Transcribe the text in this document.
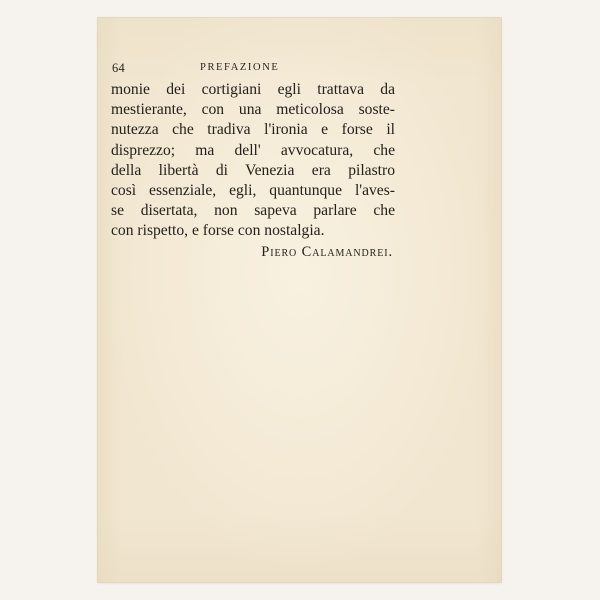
64	PREFAZIONE
monie dei cortigiani egli trattava da
mestierante, con una meticolosa soste-
nutezza che tradiva l'ironia e forse il
disprezzo; ma dell' avvocatura, che
della libertà di Venezia era pilastro
così essenziale, egli, quantunque l'aves-
se disertata, non sapeva parlare che
con rispetto, e forse con nostalgia.
Piero Calamandrei.
